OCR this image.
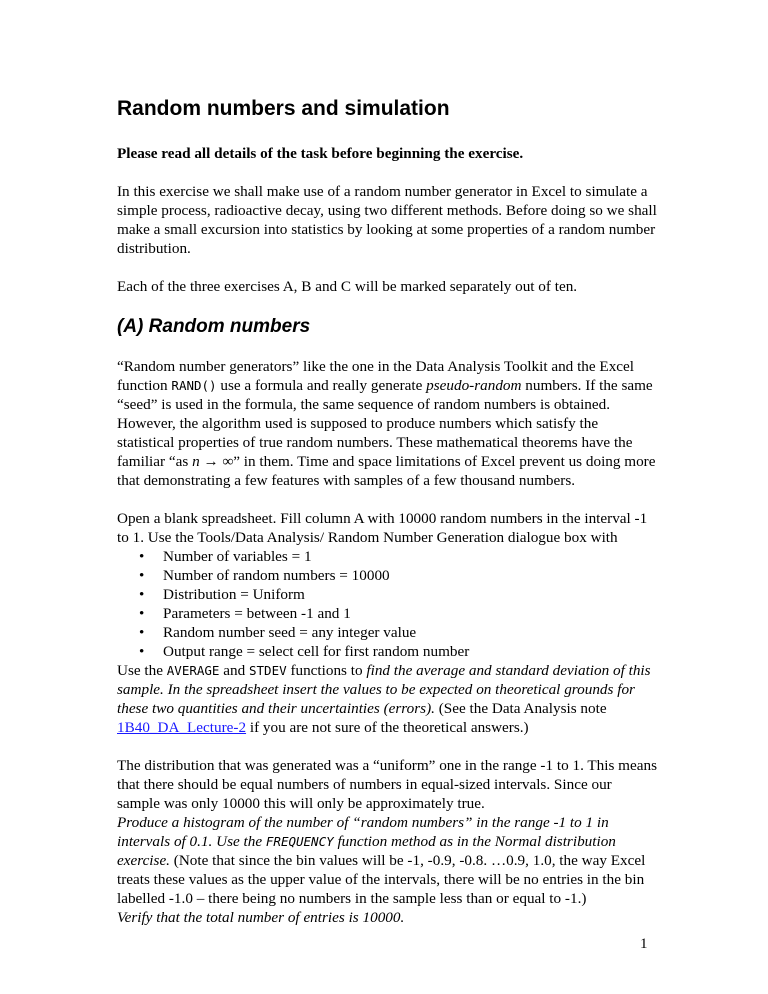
Random numbers and simulation

Please read all details of the task before beginning the exercise.

In this exercise we shall make use of a random number generator in Excel to simulate a simple process, radioactive decay, using two different methods. Before doing so we shall make a small excursion into statistics by looking at some properties of a random number distribution.

Each of the three exercises A, B and C will be marked separately out of ten.

(A) Random numbers

“Random number generators” like the one in the Data Analysis Toolkit and the Excel function RAND() use a formula and really generate pseudo-random numbers. If the same “seed” is used in the formula, the same sequence of random numbers is obtained. However, the algorithm used is supposed to produce numbers which satisfy the statistical properties of true random numbers. These mathematical theorems have the familiar “as n → ∞” in them. Time and space limitations of Excel prevent us doing more that demonstrating a few features with samples of a few thousand numbers.

Open a blank spreadsheet. Fill column A with 10000 random numbers in the interval -1 to 1. Use the Tools/Data Analysis/ Random Number Generation dialogue box with
• Number of variables = 1
• Number of random numbers = 10000
• Distribution = Uniform
• Parameters = between -1 and 1
• Random number seed = any integer value
• Output range = select cell for first random number

Use the AVERAGE and STDEV functions to find the average and standard deviation of this sample. In the spreadsheet insert the values to be expected on theoretical grounds for these two quantities and their uncertainties (errors). (See the Data Analysis note 1B40_DA_Lecture-2 if you are not sure of the theoretical answers.)

The distribution that was generated was a “uniform” one in the range -1 to 1. This means that there should be equal numbers of numbers in equal-sized intervals. Since our sample was only 10000 this will only be approximately true.
Produce a histogram of the number of “random numbers” in the range -1 to 1 in intervals of 0.1. Use the FREQUENCY function method as in the Normal distribution exercise. (Note that since the bin values will be -1, -0.9, -0.8. …0.9, 1.0, the way Excel treats these values as the upper value of the intervals, there will be no entries in the bin labelled -1.0 – there being no numbers in the sample less than or equal to -1.)
Verify that the total number of entries is 10000.

1
